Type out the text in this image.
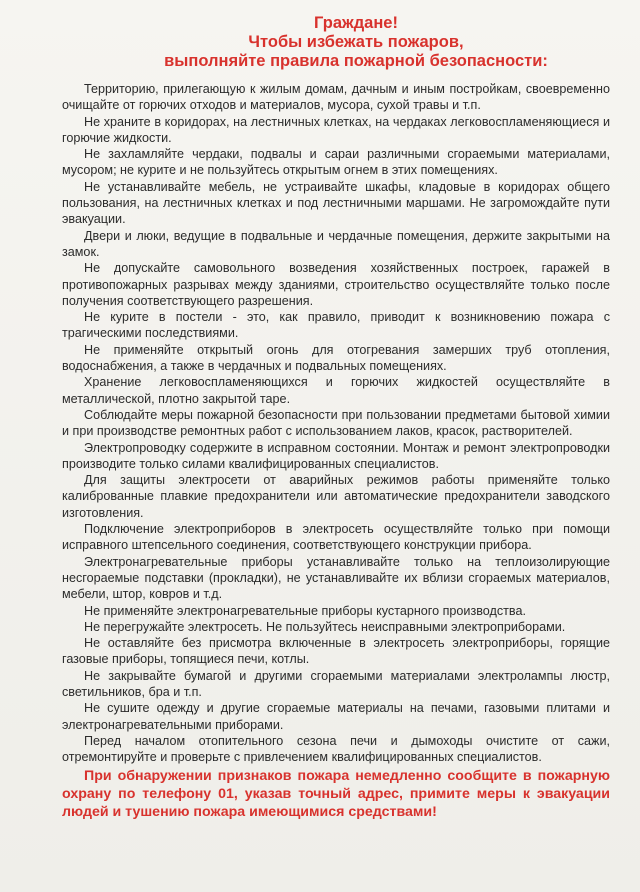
Граждане!
Чтобы избежать пожаров,
выполняйте правила пожарной безопасности:

Территорию, прилегающую к жилым домам, дачным и иным постройкам, своевременно очищайте от горючих отходов и материалов, мусора, сухой травы и т.п.

Не храните в коридорах, на лестничных клетках, на чердаках легковоспламеняющиеся и горючие жидкости.

Не захламляйте чердаки, подвалы и сараи различными сгораемыми материалами, мусором; не курите и не пользуйтесь открытым огнем в этих помещениях.

Не устанавливайте мебель, не устраивайте шкафы, кладовые в коридорах общего пользования, на лестничных клетках и под лестничными маршами. Не загромождайте пути эвакуации.

Двери и люки, ведущие в подвальные и чердачные помещения, держите закрытыми на замок.

Не допускайте самовольного возведения хозяйственных построек, гаражей в противопожарных разрывах между зданиями, строительство осуществляйте только после получения соответствующего разрешения.

Не курите в постели - это, как правило, приводит к возникновению пожара с трагическими последствиями.

Не применяйте открытый огонь для отогревания замерших труб отопления, водоснабжения, а также в чердачных и подвальных помещениях.

Хранение легковоспламеняющихся и горючих жидкостей осуществляйте в металлической, плотно закрытой таре.

Соблюдайте меры пожарной безопасности при пользовании предметами бытовой химии и при производстве ремонтных работ с использованием лаков, красок, растворителей.

Электропроводку содержите в исправном состоянии. Монтаж и ремонт электропроводки производите только силами квалифицированных специалистов.

Для защиты электросети от аварийных режимов работы применяйте только калиброванные плавкие предохранители или автоматические предохранители заводского изготовления.

Подключение электроприборов в электросеть осуществляйте только при помощи исправного штепсельного соединения, соответствующего конструкции прибора.

Электронагревательные приборы устанавливайте только на теплоизолирующие несгораемые подставки (прокладки), не устанавливайте их вблизи сгораемых материалов, мебели, штор, ковров и т.д.

Не применяйте электронагревательные приборы кустарного производства.

Не перегружайте электросеть. Не пользуйтесь неисправными электроприборами.

Не оставляйте без присмотра включенные в электросеть электроприборы, горящие газовые приборы, топящиеся печи, котлы.

Не закрывайте бумагой и другими сгораемыми материалами электролампы люстр, светильников, бра и т.п.

Не сушите одежду и другие сгораемые материалы на печами, газовыми плитами и электронагревательными приборами.

Перед началом отопительного сезона печи и дымоходы очистите от сажи, отремонтируйте и проверьте с привлечением квалифицированных специалистов.

При обнаружении признаков пожара немедленно сообщите в пожарную охрану по телефону 01, указав точный адрес, примите меры к эвакуации людей и тушению пожара имеющимися средствами!
